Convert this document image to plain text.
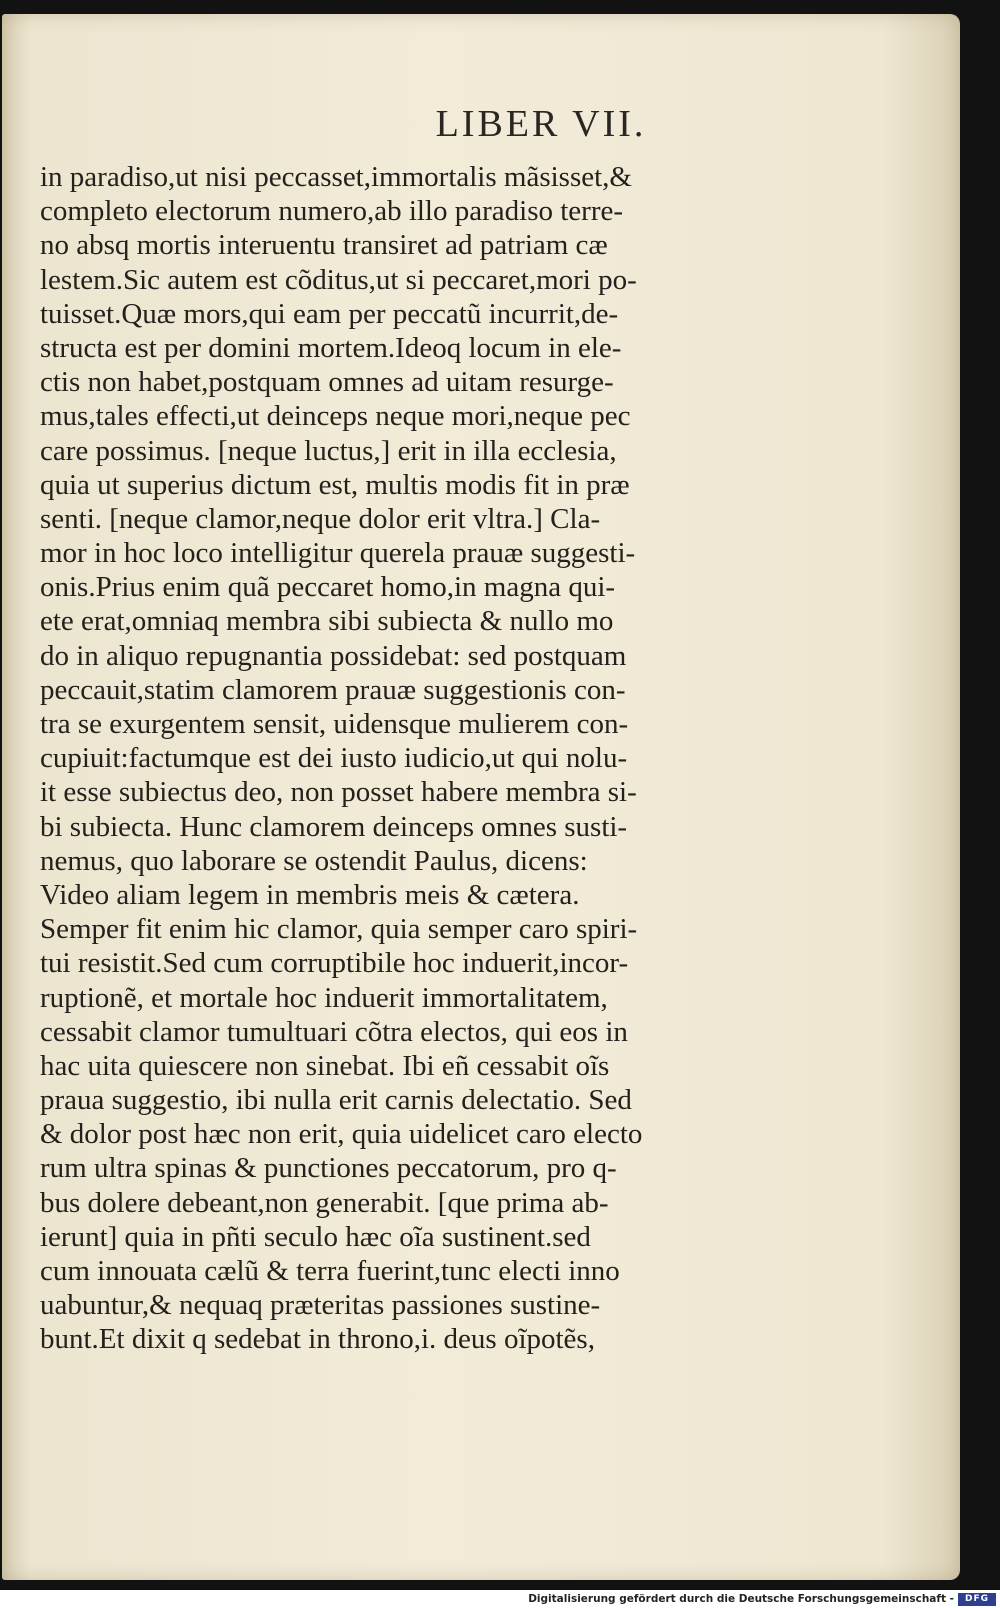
LIBER VII.
in paradiso,ut nisi peccasset,immortalis mãsisset,&
completo electorum numero,ab illo paradiso terre-
no absq mortis interuentu transiret ad patriam cæ
lestem.Sic autem est cõditus,ut si peccaret,mori po-
tuisset.Quæ mors,qui eam per peccatũ incurrit,de-
structa est per domini mortem.Ideoq locum in ele-
ctis non habet,postquam omnes ad uitam resurge-
mus,tales effecti,ut deinceps neque mori,neque pec
care possimus. [neque luctus,] erit in illa ecclesia,
quia ut superius dictum est, multis modis fit in præ
senti. [neque clamor,neque dolor erit vltra.] Cla-
mor in hoc loco intelligitur querela prauæ suggesti-
onis.Prius enim quã peccaret homo,in magna qui-
ete erat,omniaq membra sibi subiecta & nullo mo
do in aliquo repugnantia possidebat: sed postquam
peccauit,statim clamorem prauæ suggestionis con-
tra se exurgentem sensit, uidensque mulierem con-
cupiuit:factumque est dei iusto iudicio,ut qui nolu-
it esse subiectus deo, non posset habere membra si-
bi subiecta. Hunc clamorem deinceps omnes susti-
nemus, quo laborare se ostendit Paulus, dicens:
Video aliam legem in membris meis & cætera.
Semper fit enim hic clamor, quia semper caro spiri-
tui resistit.Sed cum corruptibile hoc induerit,incor-
ruptionẽ, et mortale hoc induerit immortalitatem,
cessabit clamor tumultuari cõtra electos, qui eos in
hac uita quiescere non sinebat. Ibi eñ cessabit oĩs
praua suggestio, ibi nulla erit carnis delectatio. Sed
& dolor post hæc non erit, quia uidelicet caro electo
rum ultra spinas & punctiones peccatorum, pro q-
bus dolere debeant,non generabit. [que prima ab-
ierunt] quia in pñti seculo hæc oĩa sustinent.sed
cum innouata cælũ & terra fuerint,tunc electi inno
uabuntur,& nequaq præteritas passiones sustine-
bunt.Et dixit q sedebat in throno,i. deus oĩpotẽs,
Digitalisierung gefördert durch die Deutsche Forschungsgemeinschaft -	DFG
